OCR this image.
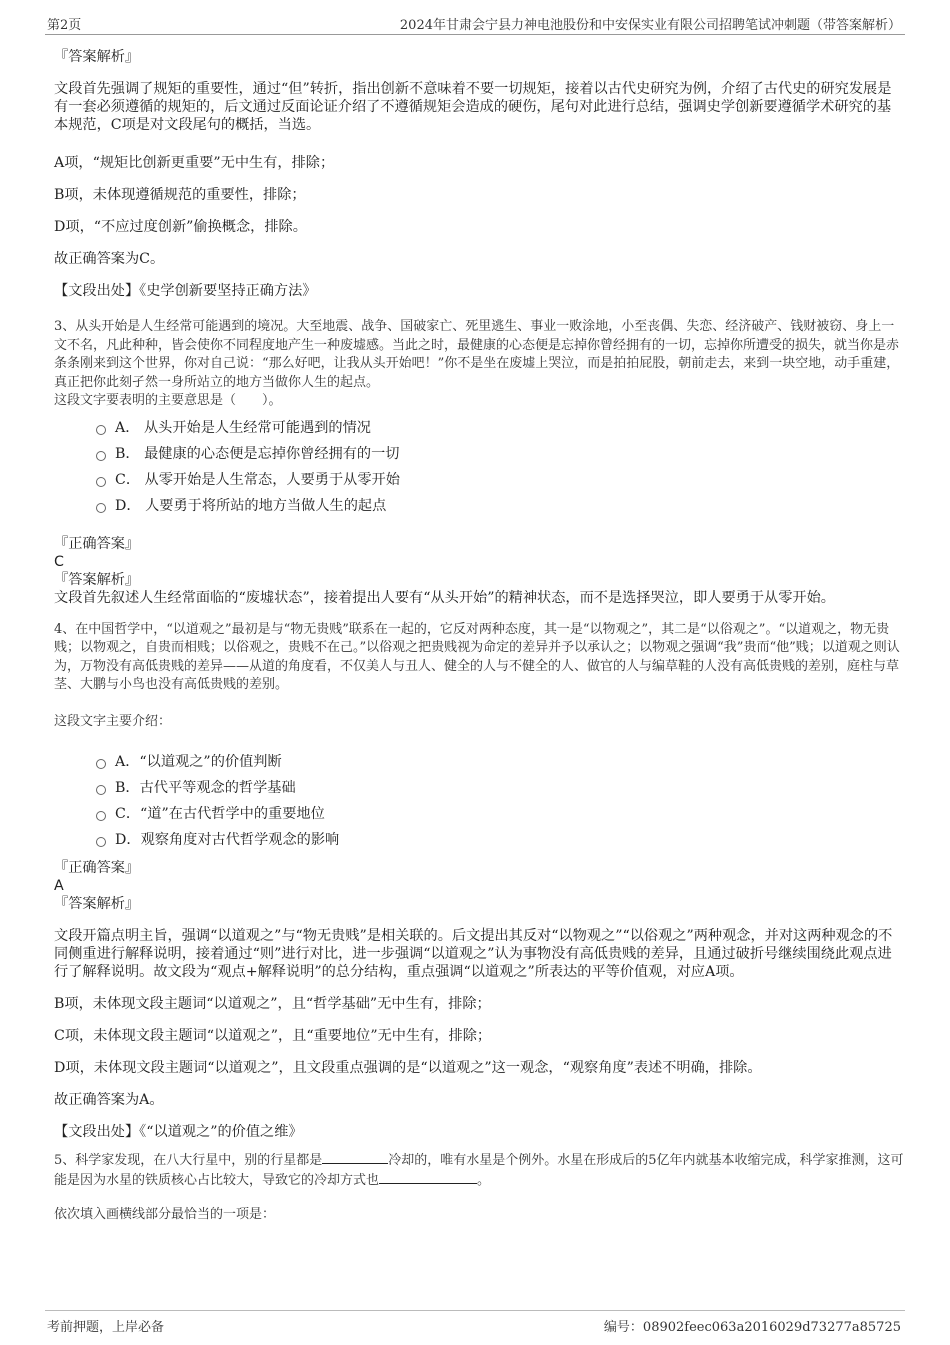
第2页	2024年甘肃会宁县力神电池股份和中安保实业有限公司招聘笔试冲刺题（带答案解析）

『答案解析』

文段首先强调了规矩的重要性，通过“但”转折，指出创新不意味着不要一切规矩，接着以古代史研究为例，介绍了古代史的研究发展是有一套必须遵循的规矩的，后文通过反面论证介绍了不遵循规矩会造成的硬伤，尾句对此进行总结，强调史学创新要遵循学术研究的基本规范，C项是对文段尾句的概括，当选。

A项，“规矩比创新更重要”无中生有，排除；

B项，未体现遵循规范的重要性，排除；

D项，“不应过度创新”偷换概念，排除。

故正确答案为C。

【文段出处】《史学创新要坚持正确方法》

3、从头开始是人生经常可能遇到的境况。大至地震、战争、国破家亡、死里逃生、事业一败涂地，小至丧偶、失恋、经济破产、钱财被窃、身上一文不名，凡此种种，皆会使你不同程度地产生一种废墟感。当此之时，最健康的心态便是忘掉你曾经拥有的一切，忘掉你所遭受的损失，就当你是赤条条刚来到这个世界，你对自己说：“那么好吧，让我从头开始吧！”你不是坐在废墟上哭泣，而是拍拍屁股，朝前走去，来到一块空地，动手重建，真正把你此刻孑然一身所站立的地方当做你人生的起点。

这段文字要表明的主要意思是（　　）。

A． 从头开始是人生经常可能遇到的情况
B． 最健康的心态便是忘掉你曾经拥有的一切
C． 从零开始是人生常态，人要勇于从零开始
D． 人要勇于将所站的地方当做人生的起点

『正确答案』

C

『答案解析』

文段首先叙述人生经常面临的“废墟状态”，接着提出人要有“从头开始”的精神状态，而不是选择哭泣，即人要勇于从零开始。

4、在中国哲学中，“以道观之”最初是与“物无贵贱”联系在一起的，它反对两种态度，其一是“以物观之”，其二是“以俗观之”。“以道观之，物无贵贱；以物观之，自贵而相贱；以俗观之，贵贱不在己。”以俗观之把贵贱视为命定的差异并予以承认之；以物观之强调“我”贵而“他”贱；以道观之则认为，万物没有高低贵贱的差异——从道的角度看，不仅美人与丑人、健全的人与不健全的人、做官的人与编草鞋的人没有高低贵贱的差别，庭柱与草茎、大鹏与小鸟也没有高低贵贱的差别。

这段文字主要介绍：

A．“以道观之”的价值判断
B．古代平等观念的哲学基础
C．“道”在古代哲学中的重要地位
D．观察角度对古代哲学观念的影响

『正确答案』

A

『答案解析』

文段开篇点明主旨，强调“以道观之”与“物无贵贱”是相关联的。后文提出其反对“以物观之”“以俗观之”两种观念，并对这两种观念的不同侧重进行解释说明，接着通过“则”进行对比，进一步强调“以道观之”认为事物没有高低贵贱的差异，且通过破折号继续围绕此观点进行了解释说明。故文段为“观点+解释说明”的总分结构，重点强调“以道观之”所表达的平等价值观，对应A项。

B项，未体现文段主题词“以道观之”，且“哲学基础”无中生有，排除；

C项，未体现文段主题词“以道观之”，且“重要地位”无中生有，排除；

D项，未体现文段主题词“以道观之”，且文段重点强调的是“以道观之”这一观念，“观察角度”表述不明确，排除。

故正确答案为A。

【文段出处】《“以道观之”的价值之维》

5、科学家发现，在八大行星中，别的行星都是	冷却的，唯有水星是个例外。水星在形成后的5亿年内就基本收缩完成，科学家推测，这可能是因为水星的铁质核心占比较大，导致它的冷却方式也	。

依次填入画横线部分最恰当的一项是：

考前押题，上岸必备	编号：08902feec063a2016029d73277a85725
